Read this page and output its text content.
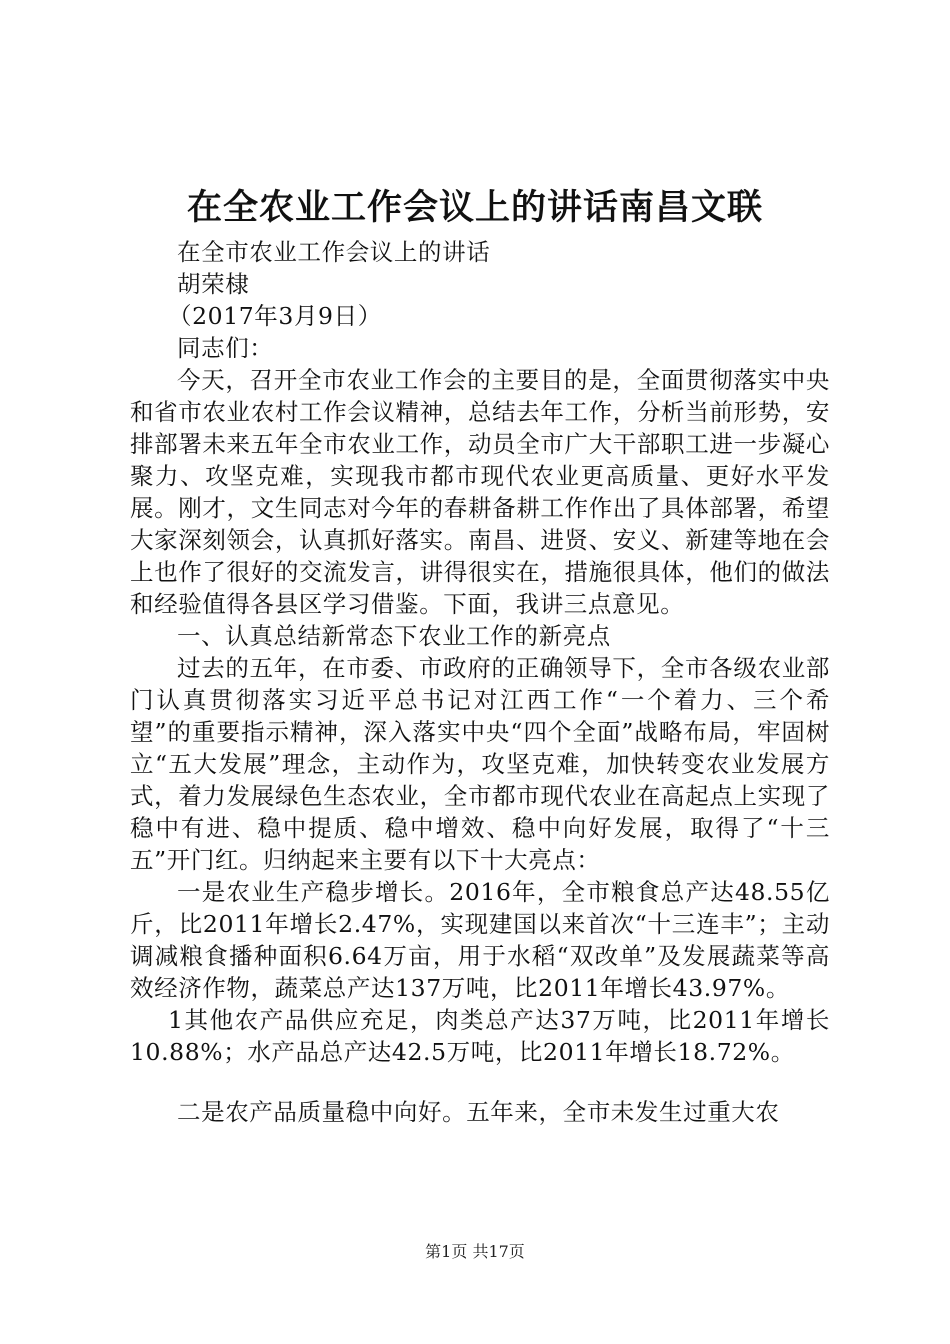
在全农业工作会议上的讲话南昌文联

在全市农业工作会议上的讲话

胡荣棣

（2017年3月9日）

同志们：

今天，召开全市农业工作会的主要目的是，全面贯彻落实中央和省市农业农村工作会议精神，总结去年工作，分析当前形势，安排部署未来五年全市农业工作，动员全市广大干部职工进一步凝心聚力、攻坚克难，实现我市都市现代农业更高质量、更好水平发展。刚才，文生同志对今年的春耕备耕工作作出了具体部署，希望大家深刻领会，认真抓好落实。南昌、进贤、安义、新建等地在会上也作了很好的交流发言，讲得很实在，措施很具体，他们的做法和经验值得各县区学习借鉴。下面，我讲三点意见。

一、认真总结新常态下农业工作的新亮点

过去的五年，在市委、市政府的正确领导下，全市各级农业部门认真贯彻落实习近平总书记对江西工作“一个着力、三个希望”的重要指示精神，深入落实中央“四个全面”战略布局，牢固树立“五大发展”理念，主动作为，攻坚克难，加快转变农业发展方式，着力发展绿色生态农业，全市都市现代农业在高起点上实现了稳中有进、稳中提质、稳中增效、稳中向好发展，取得了“十三五”开门红。归纳起来主要有以下十大亮点：

一是农业生产稳步增长。2016年，全市粮食总产达48.55亿斤，比2011年增长2.47%，实现建国以来首次“十三连丰”；主动调减粮食播种面积6.64万亩，用于水稻“双改单”及发展蔬菜等高效经济作物，蔬菜总产达137万吨，比2011年增长43.97%。

1其他农产品供应充足，肉类总产达37万吨，比2011年增长10.88%；水产品总产达42.5万吨，比2011年增长18.72%。

二是农产品质量稳中向好。五年来，全市未发生过重大农

第1页 共17页
